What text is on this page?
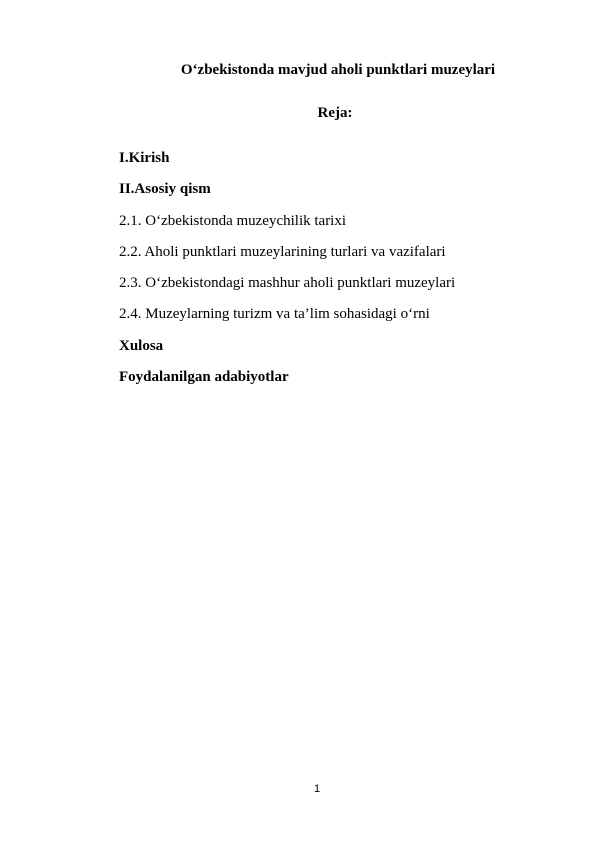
O‘zbekistonda mavjud aholi punktlari muzeylari
Reja:
I.Kirish
II.Asosiy qism
2.1. O‘zbekistonda muzeychilik tarixi
2.2. Aholi punktlari muzeylarining turlari va vazifalari
2.3. O‘zbekistondagi mashhur aholi punktlari muzeylari
2.4. Muzeylarning turizm va ta’lim sohasidagi o‘rni
Xulosa
Foydalanilgan adabiyotlar
1
